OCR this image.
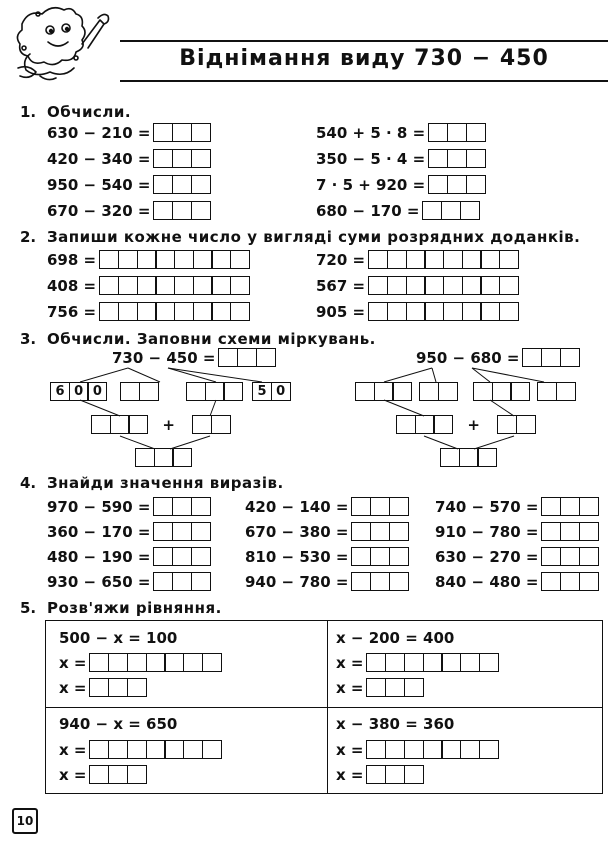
Віднімання виду 730 − 450
1. Обчисли.
630 − 210 =
420 − 340 =
950 − 540 =
670 − 320 =
540 + 5 · 8 =
350 − 5 · 4 =
7 · 5 + 920 =
680 − 170 =
2. Запиши кожне число у вигляді суми розрядних доданків.
698 =
408 =
756 =
720 =
567 =
905 =
3. Обчисли. Заповни схеми міркувань.
730 − 450 =
6 0 0	5 0
+
950 − 680 =
+
4. Знайди значення виразів.
970 − 590 =
360 − 170 =
480 − 190 =
930 − 650 =
420 − 140 =
670 − 380 =
810 − 530 =
940 − 780 =
740 − 570 =
910 − 780 =
630 − 270 =
840 − 480 =
5. Розв'яжи рівняння.
500 − x = 100
x =
x =
x − 200 = 400
x =
x =
940 − x = 650
x =
x =
x − 380 = 360
x =
x =
10
